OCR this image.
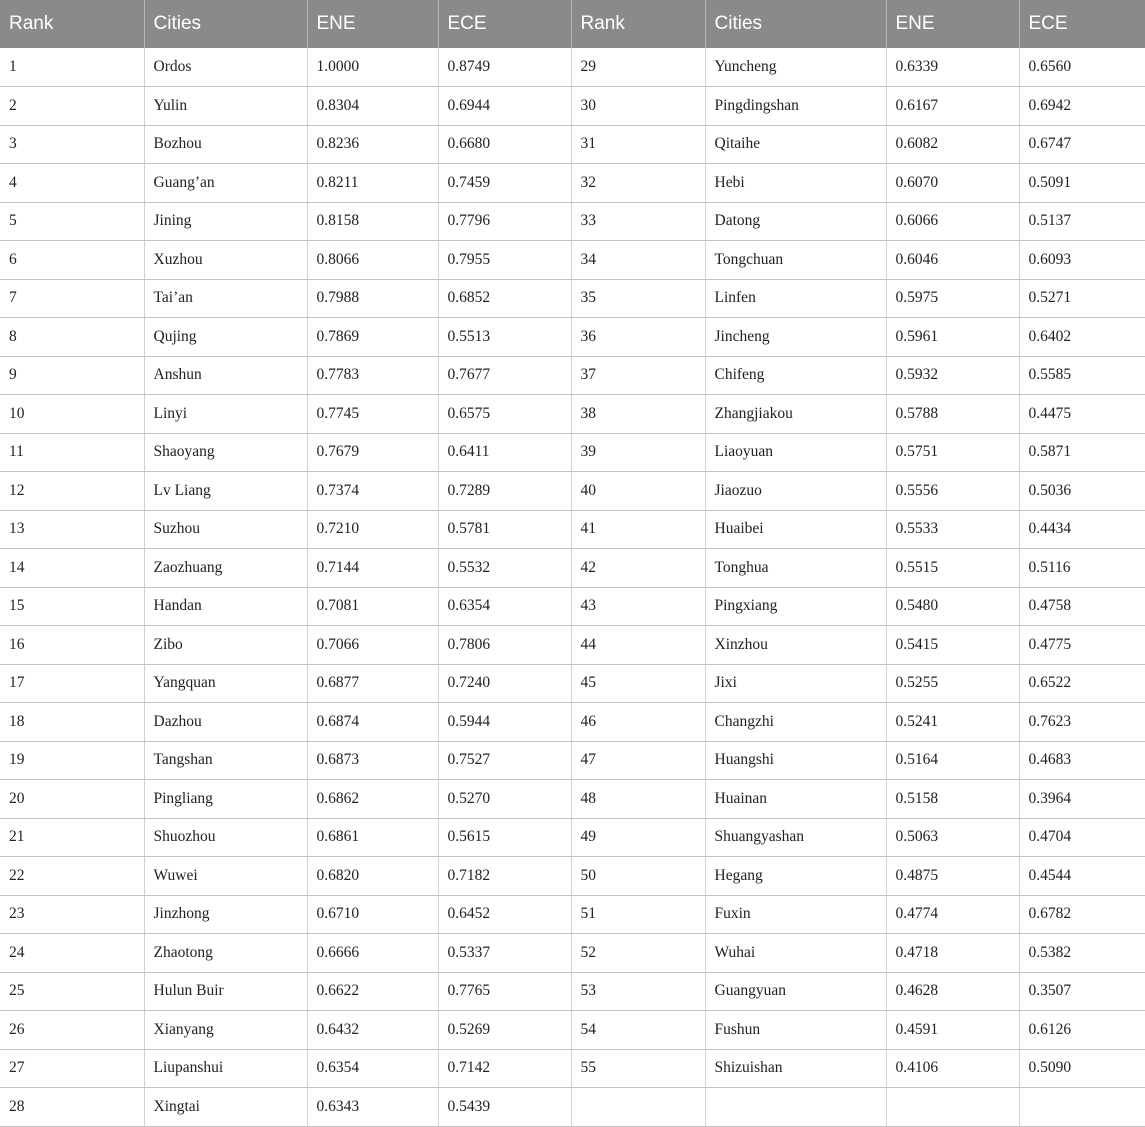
Rank	Cities	ENE	ECE	Rank	Cities	ENE	ECE
1	Ordos	1.0000	0.8749	29	Yuncheng	0.6339	0.6560
2	Yulin	0.8304	0.6944	30	Pingdingshan	0.6167	0.6942
3	Bozhou	0.8236	0.6680	31	Qitaihe	0.6082	0.6747
4	Guang’an	0.8211	0.7459	32	Hebi	0.6070	0.5091
5	Jining	0.8158	0.7796	33	Datong	0.6066	0.5137
6	Xuzhou	0.8066	0.7955	34	Tongchuan	0.6046	0.6093
7	Tai’an	0.7988	0.6852	35	Linfen	0.5975	0.5271
8	Qujing	0.7869	0.5513	36	Jincheng	0.5961	0.6402
9	Anshun	0.7783	0.7677	37	Chifeng	0.5932	0.5585
10	Linyi	0.7745	0.6575	38	Zhangjiakou	0.5788	0.4475
11	Shaoyang	0.7679	0.6411	39	Liaoyuan	0.5751	0.5871
12	Lv Liang	0.7374	0.7289	40	Jiaozuo	0.5556	0.5036
13	Suzhou	0.7210	0.5781	41	Huaibei	0.5533	0.4434
14	Zaozhuang	0.7144	0.5532	42	Tonghua	0.5515	0.5116
15	Handan	0.7081	0.6354	43	Pingxiang	0.5480	0.4758
16	Zibo	0.7066	0.7806	44	Xinzhou	0.5415	0.4775
17	Yangquan	0.6877	0.7240	45	Jixi	0.5255	0.6522
18	Dazhou	0.6874	0.5944	46	Changzhi	0.5241	0.7623
19	Tangshan	0.6873	0.7527	47	Huangshi	0.5164	0.4683
20	Pingliang	0.6862	0.5270	48	Huainan	0.5158	0.3964
21	Shuozhou	0.6861	0.5615	49	Shuangyashan	0.5063	0.4704
22	Wuwei	0.6820	0.7182	50	Hegang	0.4875	0.4544
23	Jinzhong	0.6710	0.6452	51	Fuxin	0.4774	0.6782
24	Zhaotong	0.6666	0.5337	52	Wuhai	0.4718	0.5382
25	Hulun Buir	0.6622	0.7765	53	Guangyuan	0.4628	0.3507
26	Xianyang	0.6432	0.5269	54	Fushun	0.4591	0.6126
27	Liupanshui	0.6354	0.7142	55	Shizuishan	0.4106	0.5090
28	Xingtai	0.6343	0.5439				
